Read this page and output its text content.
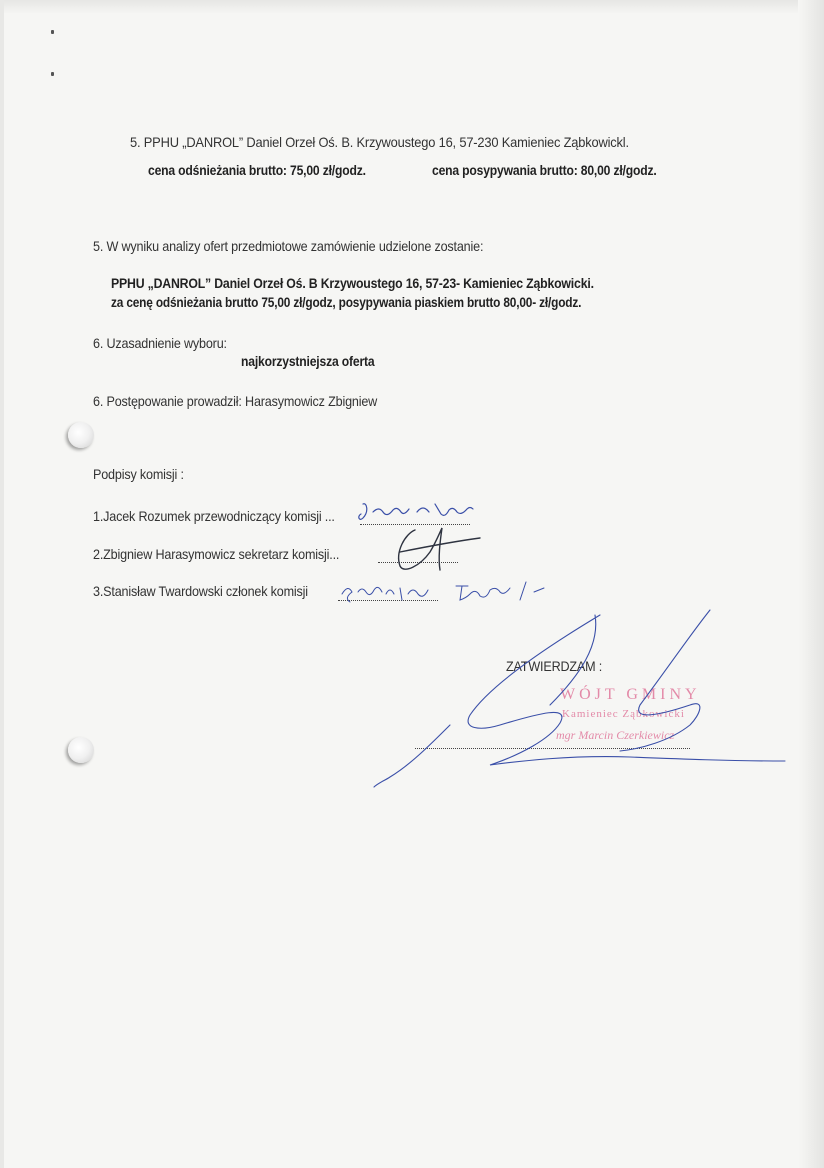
5. PPHU „DANROL” Daniel Orzeł Oś. B. Krzywoustego 16, 57-230 Kamieniec Ząbkowickl.
cena odśnieżania brutto: 75,00 zł/godz.	cena posypywania brutto: 80,00 zł/godz.
5. W wyniku analizy ofert przedmiotowe zamówienie udzielone zostanie:
PPHU „DANROL” Daniel Orzeł Oś. B Krzywoustego 16, 57-23- Kamieniec Ząbkowicki.
za cenę odśnieżania brutto 75,00 zł/godz, posypywania piaskiem brutto 80,00- zł/godz.
6. Uzasadnienie wyboru:
najkorzystniejsza oferta
6. Postępowanie prowadził: Harasymowicz Zbigniew
Podpisy komisji :
1.Jacek Rozumek przewodniczący komisji ...
2.Zbigniew Harasymowicz sekretarz komisji...
3.Stanisław Twardowski członek komisji
ZATWIERDZAM :
WÓJT GMINY
Kamieniec Ząbkowicki
mgr Marcin Czerkiewicz
